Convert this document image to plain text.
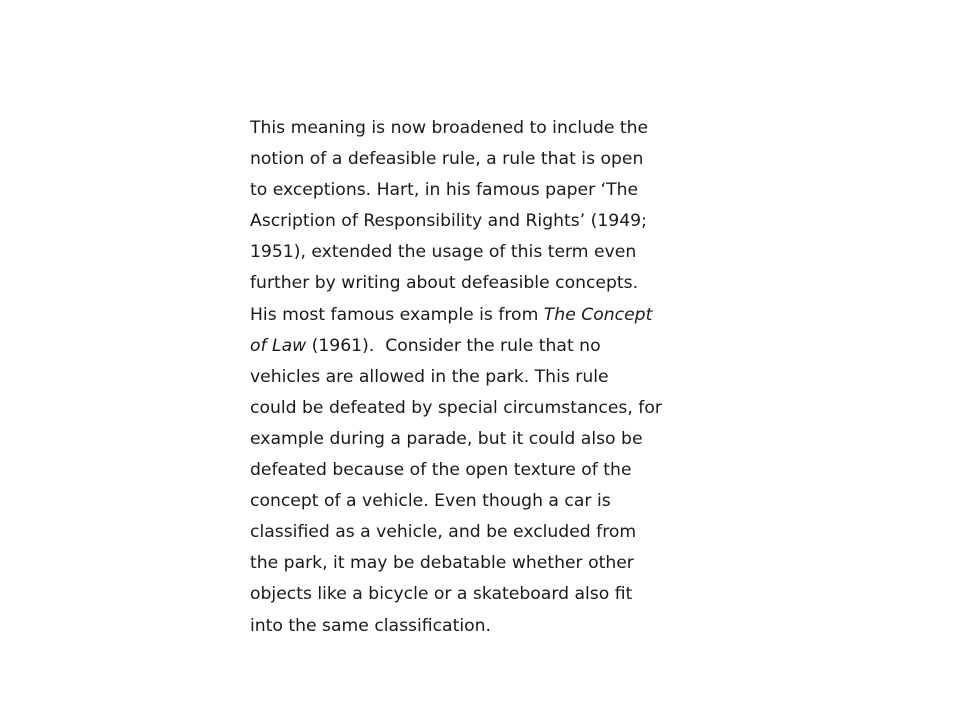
This meaning is now broadened to include the
notion of a defeasible rule, a rule that is open
to exceptions. Hart, in his famous paper ‘The
Ascription of Responsibility and Rights’ (1949;
1951), extended the usage of this term even
further by writing about defeasible concepts.
His most famous example is from The Concept
of Law (1961).  Consider the rule that no
vehicles are allowed in the park. This rule
could be defeated by special circumstances, for
example during a parade, but it could also be
defeated because of the open texture of the
concept of a vehicle. Even though a car is
classified as a vehicle, and be excluded from
the park, it may be debatable whether other
objects like a bicycle or a skateboard also fit
into the same classification.
